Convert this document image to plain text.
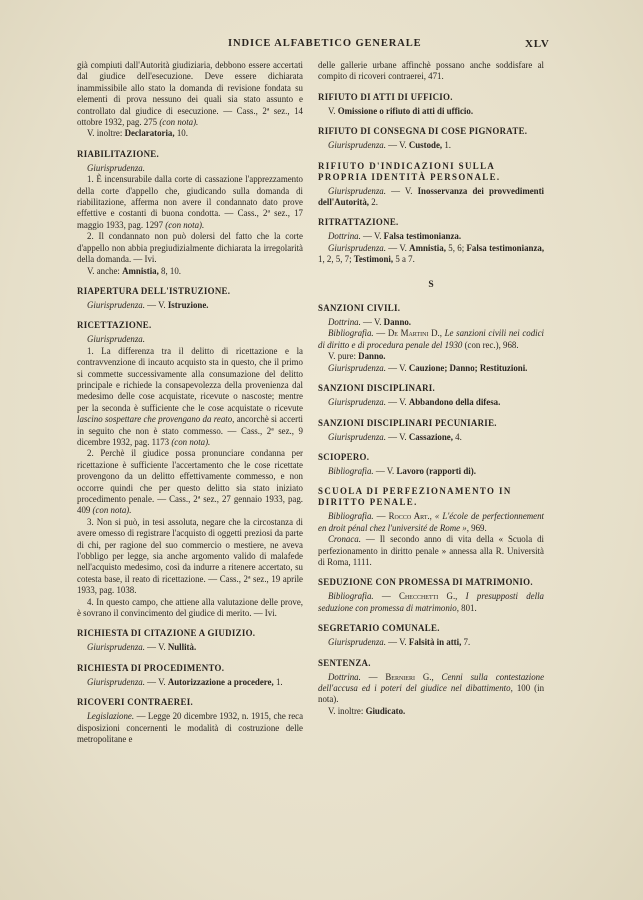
INDICE ALFABETICO GENERALE	XLV

già compiuti dall'Autorità giudiziaria, debbono essere accertati dal giudice dell'esecuzione. Deve essere dichiarata inammissibile allo stato la domanda di revisione fondata su elementi di prova nessuno dei quali sia stato assunto e controllato dal giudice di esecuzione. — Cass., 2ª sez., 14 ottobre 1932, pag. 275 (con nota).

V. inoltre: Declaratoria, 10.

RIABILITAZIONE.

Giurisprudenza.

1. È incensurabile dalla corte di cassazione l'apprezzamento della corte d'appello che, giudicando sulla domanda di riabilitazione, afferma non avere il condannato dato prove effettive e costanti di buona condotta. — Cass., 2ª sez., 17 maggio 1933, pag. 1297 (con nota).

2. Il condannato non può dolersi del fatto che la corte d'appello non abbia pregiudizialmente dichiarata la irregolarità della domanda. — Ivi.

V. anche: Amnistia, 8, 10.

RIAPERTURA DELL'ISTRUZIONE.

Giurisprudenza. — V. Istruzione.

RICETTAZIONE.

Giurisprudenza.

1. La differenza tra il delitto di ricettazione e la contravvenzione di incauto acquisto sta in questo, che il primo si commette successivamente alla consumazione del delitto principale e richiede la consapevolezza della provenienza dal medesimo delle cose acquistate, ricevute o nascoste; mentre per la seconda è sufficiente che le cose acquistate o ricevute lascino sospettare che provengano da reato, ancorchè si accerti in seguito che non è stato commesso. — Cass., 2ª sez., 9 dicembre 1932, pag. 1173 (con nota).

2. Perchè il giudice possa pronunciare condanna per ricettazione è sufficiente l'accertamento che le cose ricettate provengono da un delitto effettivamente commesso, e non occorre quindi che per questo delitto sia stato iniziato procedimento penale. — Cass., 2ª sez., 27 gennaio 1933, pag. 409 (con nota).

3. Non si può, in tesi assoluta, negare che la circostanza di avere omesso di registrare l'acquisto di oggetti preziosi da parte di chi, per ragione del suo commercio o mestiere, ne aveva l'obbligo per legge, sia anche argomento valido di malafede nell'acquisto medesimo, così da indurre a ritenere accertato, su cotesta base, il reato di ricettazione. — Cass., 2ª sez., 19 aprile 1933, pag. 1038.

4. In questo campo, che attiene alla valutazione delle prove, è sovrano il convincimento del giudice di merito. — Ivi.

RICHIESTA DI CITAZIONE A GIUDIZIO.

Giurisprudenza. — V. Nullità.

RICHIESTA DI PROCEDIMENTO.

Giurisprudenza. — V. Autorizzazione a procedere, 1.

RICOVERI CONTRAEREI.

Legislazione. — Legge 20 dicembre 1932, n. 1915, che reca disposizioni concernenti le modalità di costruzione delle metropolitane e

delle gallerie urbane affinchè possano anche soddisfare al compito di ricoveri contraerei, 471.

RIFIUTO DI ATTI DI UFFICIO.

V. Omissione o rifiuto di atti di ufficio.

RIFIUTO DI CONSEGNA DI COSE PIGNORATE.

Giurisprudenza. — V. Custode, 1.

RIFIUTO D'INDICAZIONI SULLA PROPRIA IDENTITÀ PERSONALE.

Giurisprudenza. — V. Inosservanza dei provvedimenti dell'Autorità, 2.

RITRATTAZIONE.

Dottrina. — V. Falsa testimonianza.

Giurisprudenza. — V. Amnistia, 5, 6; Falsa testimonianza, 1, 2, 5, 7; Testimoni, 5 a 7.

S
SANZIONI CIVILI.

Dottrina. — V. Danno.

Bibliografia. — De Martini D., Le sanzioni civili nei codici di diritto e di procedura penale del 1930 (con rec.), 968.

V. pure: Danno.

Giurisprudenza. — V. Cauzione; Danno; Restituzioni.

SANZIONI DISCIPLINARI.

Giurisprudenza. — V. Abbandono della difesa.

SANZIONI DISCIPLINARI PECUNIARIE.

Giurisprudenza. — V. Cassazione, 4.

SCIOPERO.

Bibliografia. — V. Lavoro (rapporti di).

SCUOLA DI PERFEZIONAMENTO IN DIRITTO PENALE.

Bibliografia. — Rocco Art., « L'école de perfectionnement en droit pénal chez l'université de Rome », 969.

Cronaca. — Il secondo anno di vita della « Scuola di perfezionamento in diritto penale » annessa alla R. Università di Roma, 1111.

SEDUZIONE CON PROMESSA DI MATRIMONIO.

Bibliografia. — Checchetti G., I presupposti della seduzione con promessa di matrimonio, 801.

SEGRETARIO COMUNALE.

Giurisprudenza. — V. Falsità in atti, 7.

SENTENZA.

Dottrina. — Bernieri G., Cenni sulla contestazione dell'accusa ed i poteri del giudice nel dibattimento, 100 (in nota).

V. inoltre: Giudicato.
